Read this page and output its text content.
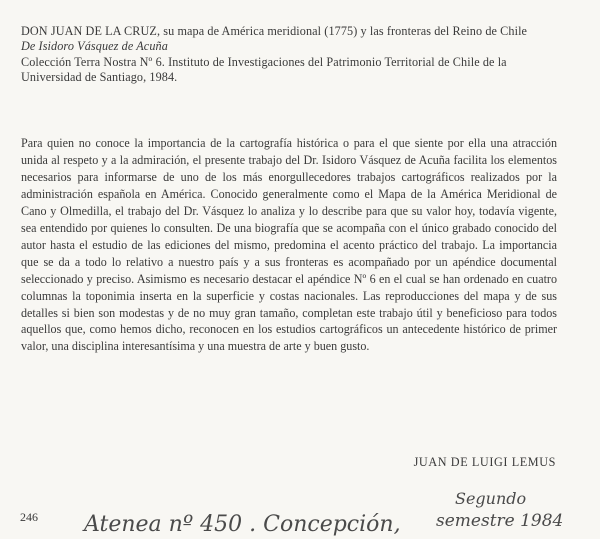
DON JUAN DE LA CRUZ, su mapa de América meridional (1775) y las fronteras del Reino de Chile
De Isidoro Vásquez de Acuña
Colección Terra Nostra Nº 6. Instituto de Investigaciones del Patrimonio Territorial de Chile de la Universidad de Santiago, 1984.
Para quien no conoce la importancia de la cartografía histórica o para el que siente por ella una atracción unida al respeto y a la admiración, el presente trabajo del Dr. Isidoro Vásquez de Acuña facilita los elementos necesarios para informarse de uno de los más enorgullecedores trabajos cartográficos realizados por la administración española en América. Conocido generalmente como el Mapa de la América Meridional de Cano y Olmedilla, el trabajo del Dr. Vásquez lo analiza y lo describe para que su valor hoy, todavía vigente, sea entendido por quienes lo consulten. De una biografía que se acompaña con el único grabado conocido del autor hasta el estudio de las ediciones del mismo, predomina el acento práctico del trabajo. La importancia que se da a todo lo relativo a nuestro país y a sus fronteras es acompañado por un apéndice documental seleccionado y preciso. Asimismo es necesario destacar el apéndice Nº 6 en el cual se han ordenado en cuatro columnas la toponimia inserta en la superficie y costas nacionales. Las reproducciones del mapa y de sus detalles si bien son modestas y de no muy gran tamaño, completan este trabajo útil y beneficioso para todos aquellos que, como hemos dicho, reconocen en los estudios cartográficos un antecedente histórico de primer valor, una disciplina interesantísima y una muestra de arte y buen gusto.
JUAN DE LUIGI LEMUS
246 Atenea nº 450 . Concepción,
Segundo
semestre 1984
